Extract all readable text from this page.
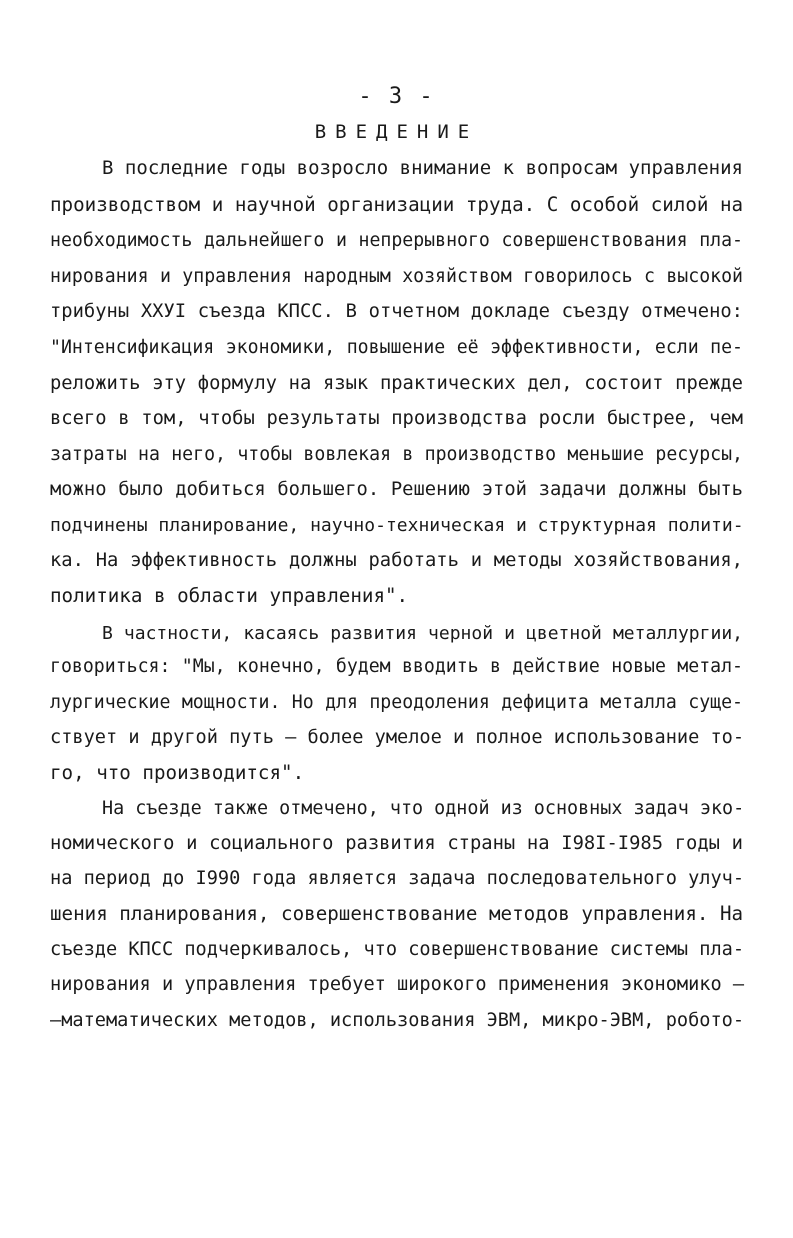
- 3 -
ВВЕДЕНИЕ
В последние годы возросло внимание к вопросам управления
производством и научной организации труда. С особой силой на
необходимость дальнейшего и непрерывного совершенствования пла-
нирования и управления народным хозяйством говорилось с высокой
трибуны ХХУI съезда КПСС. В отчетном докладе съезду отмечено:
"Интенсификация экономики, повышение её эффективности, если пе-
реложить эту формулу на язык практических дел, состоит прежде
всего в том, чтобы результаты производства росли быстрее, чем
затраты на него, чтобы вовлекая в производство меньшие ресурсы,
можно было добиться большего. Решению этой задачи должны быть
подчинены планирование, научно-техническая и структурная полити-
ка. На эффективность должны работать и методы хозяйствования,
политика в области управления".
В частности, касаясь развития черной и цветной металлургии,
говориться: "Мы, конечно, будем вводить в действие новые метал-
лургические мощности. Но для преодоления дефицита металла суще-
ствует и другой путь – более умелое и полное использование то-
го, что производится".
На съезде также отмечено, что одной из основных задач эко-
номического и социального развития страны на I98I-I985 годы и
на период до I990 года является задача последовательного улуч-
шения планирования, совершенствование методов управления. На
съезде КПСС подчеркивалось, что совершенствование системы пла-
нирования и управления требует широкого применения экономико –
–математических методов, использования ЭВМ, микро-ЭВМ, робото-
